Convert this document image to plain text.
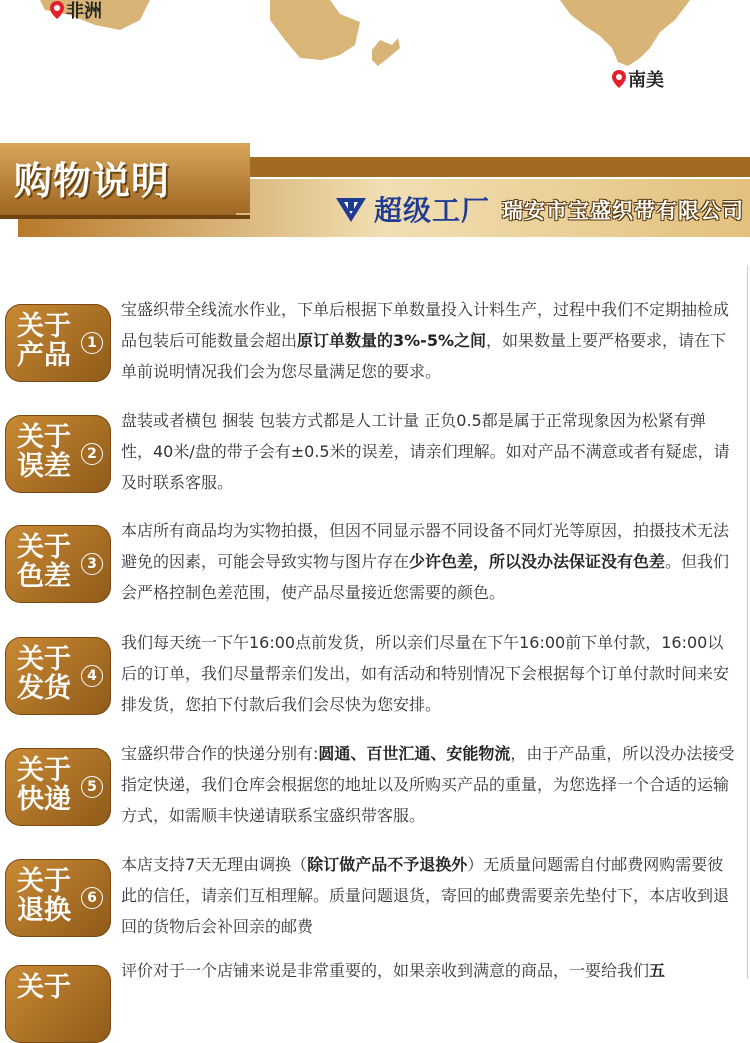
非洲
南美
购物说明
超级工厂 瑞安市宝盛织带有限公司
关于
产品	1
宝盛织带全线流水作业，下单后根据下单数量投入计料生产，过程中我们不定期抽检成品包装后可能数量会超出原订单数量的3%-5%之间，如果数量上要严格要求，请在下单前说明情况我们会为您尽量满足您的要求。
关于
误差	2
盘装或者横包 捆装 包装方式都是人工计量 正负0.5都是属于正常现象因为松紧有弹性，40米/盘的带子会有±0.5米的误差，请亲们理解。如对产品不满意或者有疑虑，请及时联系客服。
关于
色差	3
本店所有商品均为实物拍摄，但因不同显示器不同设备不同灯光等原因，拍摄技术无法避免的因素，可能会导致实物与图片存在少许色差，所以没办法保证没有色差。但我们会严格控制色差范围，使产品尽量接近您需要的颜色。
关于
发货	4
我们每天统一下午16:00点前发货，所以亲们尽量在下午16:00前下单付款，16:00以后的订单，我们尽量帮亲们发出，如有活动和特别情况下会根据每个订单付款时间来安排发货，您拍下付款后我们会尽快为您安排。
关于
快递	5
宝盛织带合作的快递分别有:圆通、百世汇通、安能物流，由于产品重，所以没办法接受指定快递，我们仓库会根据您的地址以及所购买产品的重量，为您选择一个合适的运输方式，如需顺丰快递请联系宝盛织带客服。
关于
退换	6
本店支持7天无理由调换（除订做产品不予退换外）无质量问题需自付邮费网购需要彼此的信任，请亲们互相理解。质量问题退货，寄回的邮费需要亲先垫付下，本店收到退回的货物后会补回亲的邮费
关于
评价对于一个店铺来说是非常重要的，如果亲收到满意的商品，一要给我们五
